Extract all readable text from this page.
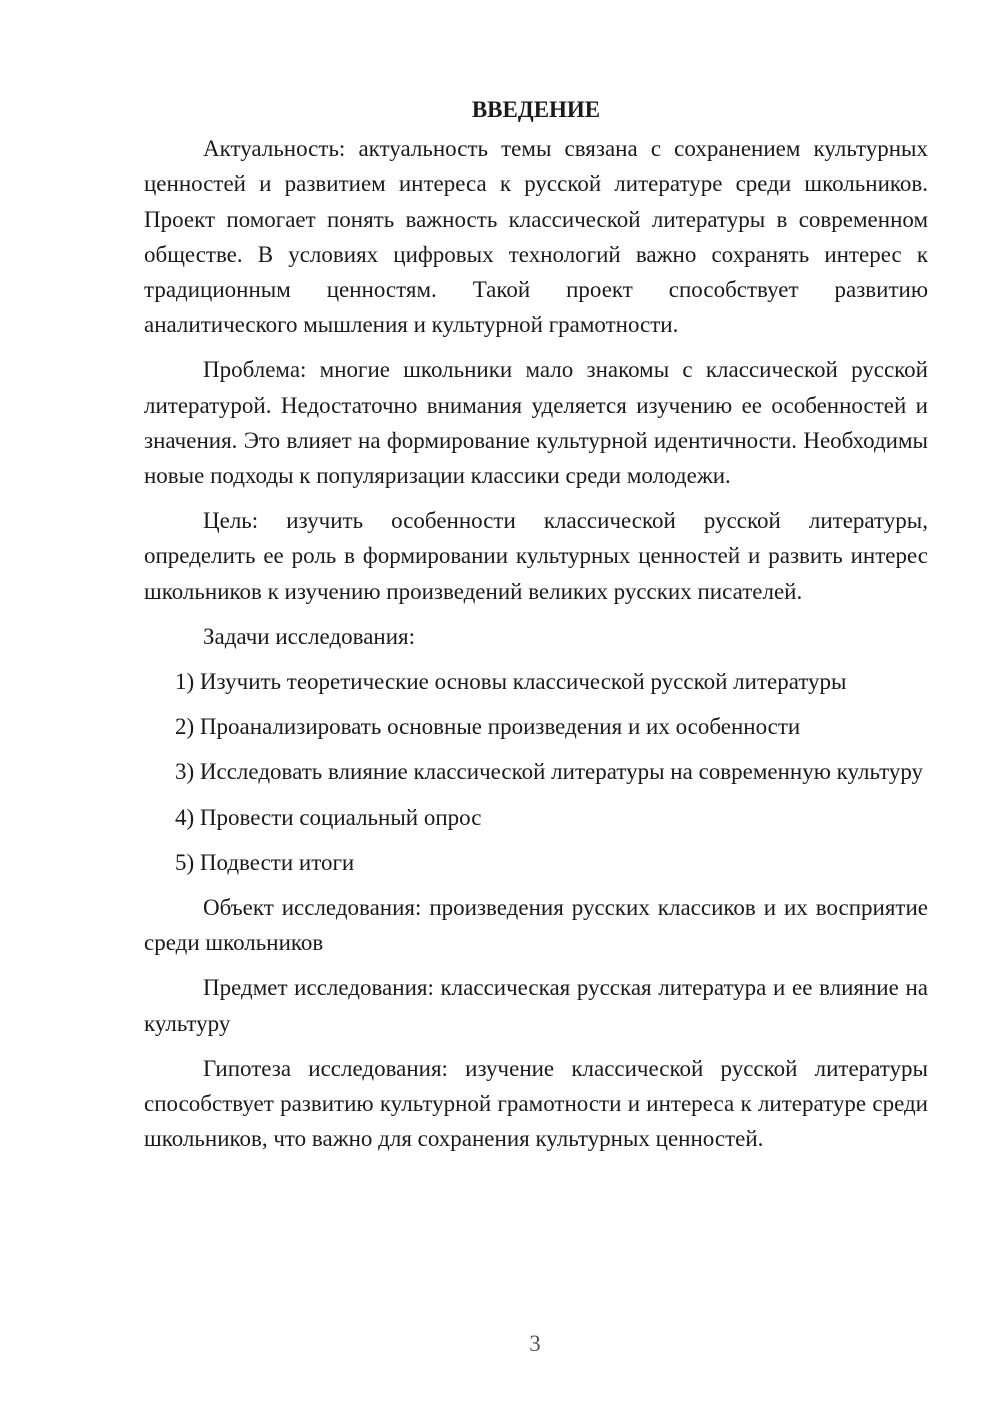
ВВЕДЕНИЕ

Актуальность: актуальность темы связана с сохранением культурных ценностей и развитием интереса к русской литературе среди школьников. Проект помогает понять важность классической литературы в современном обществе. В условиях цифровых технологий важно сохранять интерес к традиционным ценностям. Такой проект способствует развитию аналитического мышления и культурной грамотности.

Проблема: многие школьники мало знакомы с классической русской литературой. Недостаточно внимания уделяется изучению ее особенностей и значения. Это влияет на формирование культурной идентичности. Необходимы новые подходы к популяризации классики среди молодежи.

Цель: изучить особенности классической русской литературы, определить ее роль в формировании культурных ценностей и развить интерес школьников к изучению произведений великих русских писателей.

Задачи исследования:

1) Изучить теоретические основы классической русской литературы

2) Проанализировать основные произведения и их особенности

3) Исследовать влияние классической литературы на современную культуру

4) Провести социальный опрос

5) Подвести итоги

Объект исследования: произведения русских классиков и их восприятие среди школьников

Предмет исследования: классическая русская литература и ее влияние на культуру

Гипотеза исследования: изучение классической русской литературы способствует развитию культурной грамотности и интереса к литературе среди школьников, что важно для сохранения культурных ценностей.

3
